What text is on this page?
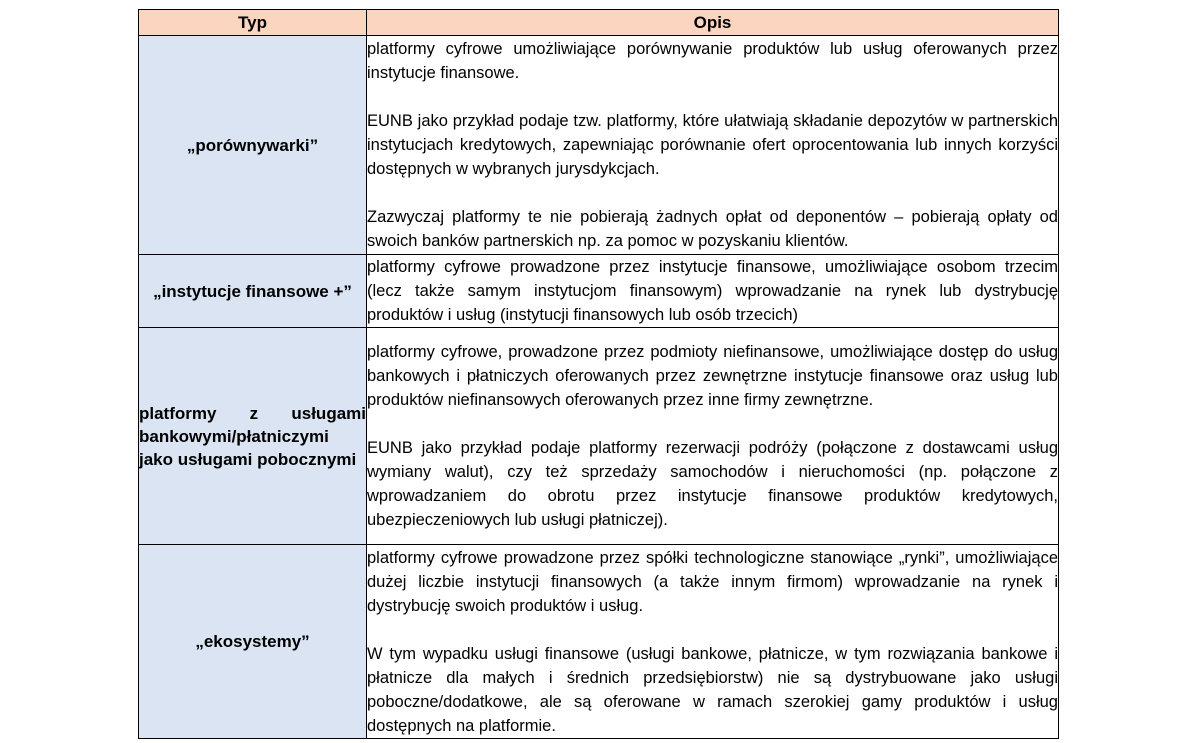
Typ	Opis
„porównywarki”	platformy cyfrowe umożliwiające porównywanie produktów lub usług oferowanych przez instytucje finansowe.

EUNB jako przykład podaje tzw. platformy, które ułatwiają składanie depozytów w partnerskich instytucjach kredytowych, zapewniając porównanie ofert oprocentowania lub innych korzyści dostępnych w wybranych jurysdykcjach.

Zazwyczaj platformy te nie pobierają żadnych opłat od deponentów – pobierają opłaty od swoich banków partnerskich np. za pomoc w pozyskaniu klientów.

„instytucje finansowe +”	platformy cyfrowe prowadzone przez instytucje finansowe, umożliwiające osobom trzecim (lecz także samym instytucjom finansowym) wprowadzanie na rynek lub dystrybucję produktów i usług (instytucji finansowych lub osób trzecich)

platformy z usługami bankowymi/płatniczymi jako usługami pobocznymi	platformy cyfrowe, prowadzone przez podmioty niefinansowe, umożliwiające dostęp do usług bankowych i płatniczych oferowanych przez zewnętrzne instytucje finansowe oraz usług lub produktów niefinansowych oferowanych przez inne firmy zewnętrzne.

EUNB jako przykład podaje platformy rezerwacji podróży (połączone z dostawcami usług wymiany walut), czy też sprzedaży samochodów i nieruchomości (np. połączone z wprowadzaniem do obrotu przez instytucje finansowe produktów kredytowych, ubezpieczeniowych lub usługi płatniczej).

„ekosystemy”	platformy cyfrowe prowadzone przez spółki technologiczne stanowiące „rynki”, umożliwiające dużej liczbie instytucji finansowych (a także innym firmom) wprowadzanie na rynek i dystrybucję swoich produktów i usług.

W tym wypadku usługi finansowe (usługi bankowe, płatnicze, w tym rozwiązania bankowe i płatnicze dla małych i średnich przedsiębiorstw) nie są dystrybuowane jako usługi poboczne/dodatkowe, ale są oferowane w ramach szerokiej gamy produktów i usług dostępnych na platformie.
